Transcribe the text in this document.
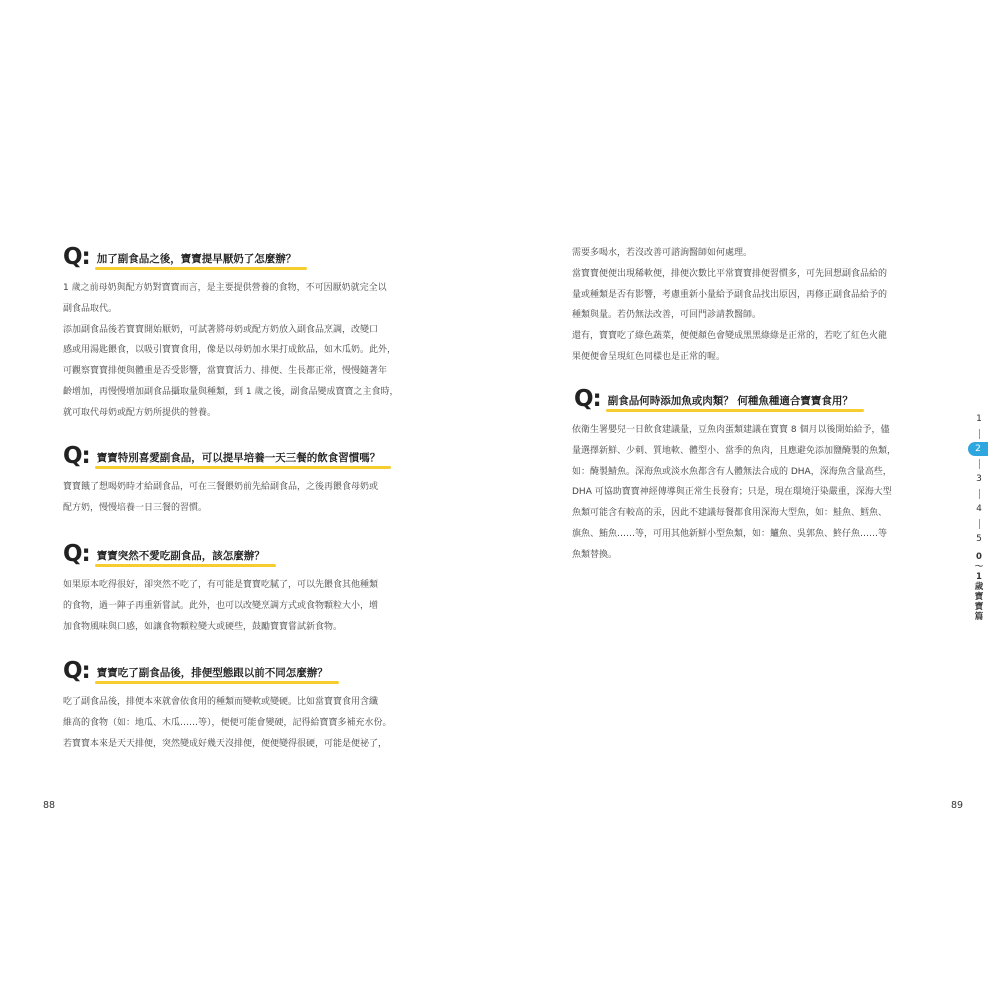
Q: 加了副食品之後，寶寶提早厭奶了怎麼辦？

1 歲之前母奶與配方奶對寶寶而言，是主要提供營養的食物，不可因厭奶就完全以

副食品取代。

添加副食品後若寶寶開始厭奶，可試著將母奶或配方奶放入副食品烹調，改變口

感或用湯匙餵食，以吸引寶寶食用，像是以母奶加水果打成飲品，如木瓜奶。此外，

可觀察寶寶排便與體重是否受影響，當寶寶活力、排便、生長都正常，慢慢隨著年

齡增加，再慢慢增加副食品攝取量與種類，到 1 歲之後，副食品變成寶寶之主食時，

就可取代母奶或配方奶所提供的營養。

Q: 寶寶特別喜愛副食品，可以提早培養一天三餐的飲食習慣嗎？

寶寶餓了想喝奶時才給副食品，可在三餐餵奶前先給副食品，之後再餵食母奶或

配方奶，慢慢培養一日三餐的習慣。

Q: 寶寶突然不愛吃副食品，該怎麼辦？

如果原本吃得很好，卻突然不吃了，有可能是寶寶吃膩了，可以先餵食其他種類

的食物，過一陣子再重新嘗試。此外，也可以改變烹調方式或食物顆粒大小，增

加食物風味與口感，如讓食物顆粒變大或硬些，鼓勵寶寶嘗試新食物。

Q: 寶寶吃了副食品後，排便型態跟以前不同怎麼辦？

吃了副食品後，排便本來就會依食用的種類而變軟或變硬。比如當寶寶食用含纖

維高的食物（如：地瓜、木瓜……等），便便可能會變硬，記得給寶寶多補充水份。

若寶寶本來是天天排便，突然變成好幾天沒排便，便便變得很硬，可能是便祕了，

88

需要多喝水，若沒改善可諮詢醫師如何處理。

當寶寶便便出現稀軟便，排便次數比平常寶寶排便習慣多，可先回想副食品給的

量或種類是否有影響，考慮重新小量給予副食品找出原因，再修正副食品給予的

種類與量。若仍無法改善，可回門診請教醫師。

還有，寶寶吃了綠色蔬菜，便便顏色會變成黑黑綠綠是正常的，若吃了紅色火龍

果便便會呈現紅色同樣也是正常的喔。

Q: 副食品何時添加魚或肉類？ 何種魚種適合寶寶食用？

依衛生署嬰兒一日飲食建議量，豆魚肉蛋類建議在寶寶 8 個月以後開始給予，儘

量選擇新鮮、少刺、質地軟、體型小、當季的魚肉，且應避免添加鹽醃製的魚類，

如：醃製鯖魚。深海魚或淡水魚都含有人體無法合成的 DHA，深海魚含量高些，

DHA 可協助寶寶神經傳導與正常生長發育；只是，現在環境汙染嚴重，深海大型

魚類可能含有較高的汞，因此不建議每餐都食用深海大型魚，如：鮭魚、鱈魚、

旗魚、鮪魚……等，可用其他新鮮小型魚類，如：鱸魚、吳郭魚、鮗仔魚……等

魚類替換。

89
1
2
3
4
5
0
～
1
歲
寶
寶
篇
